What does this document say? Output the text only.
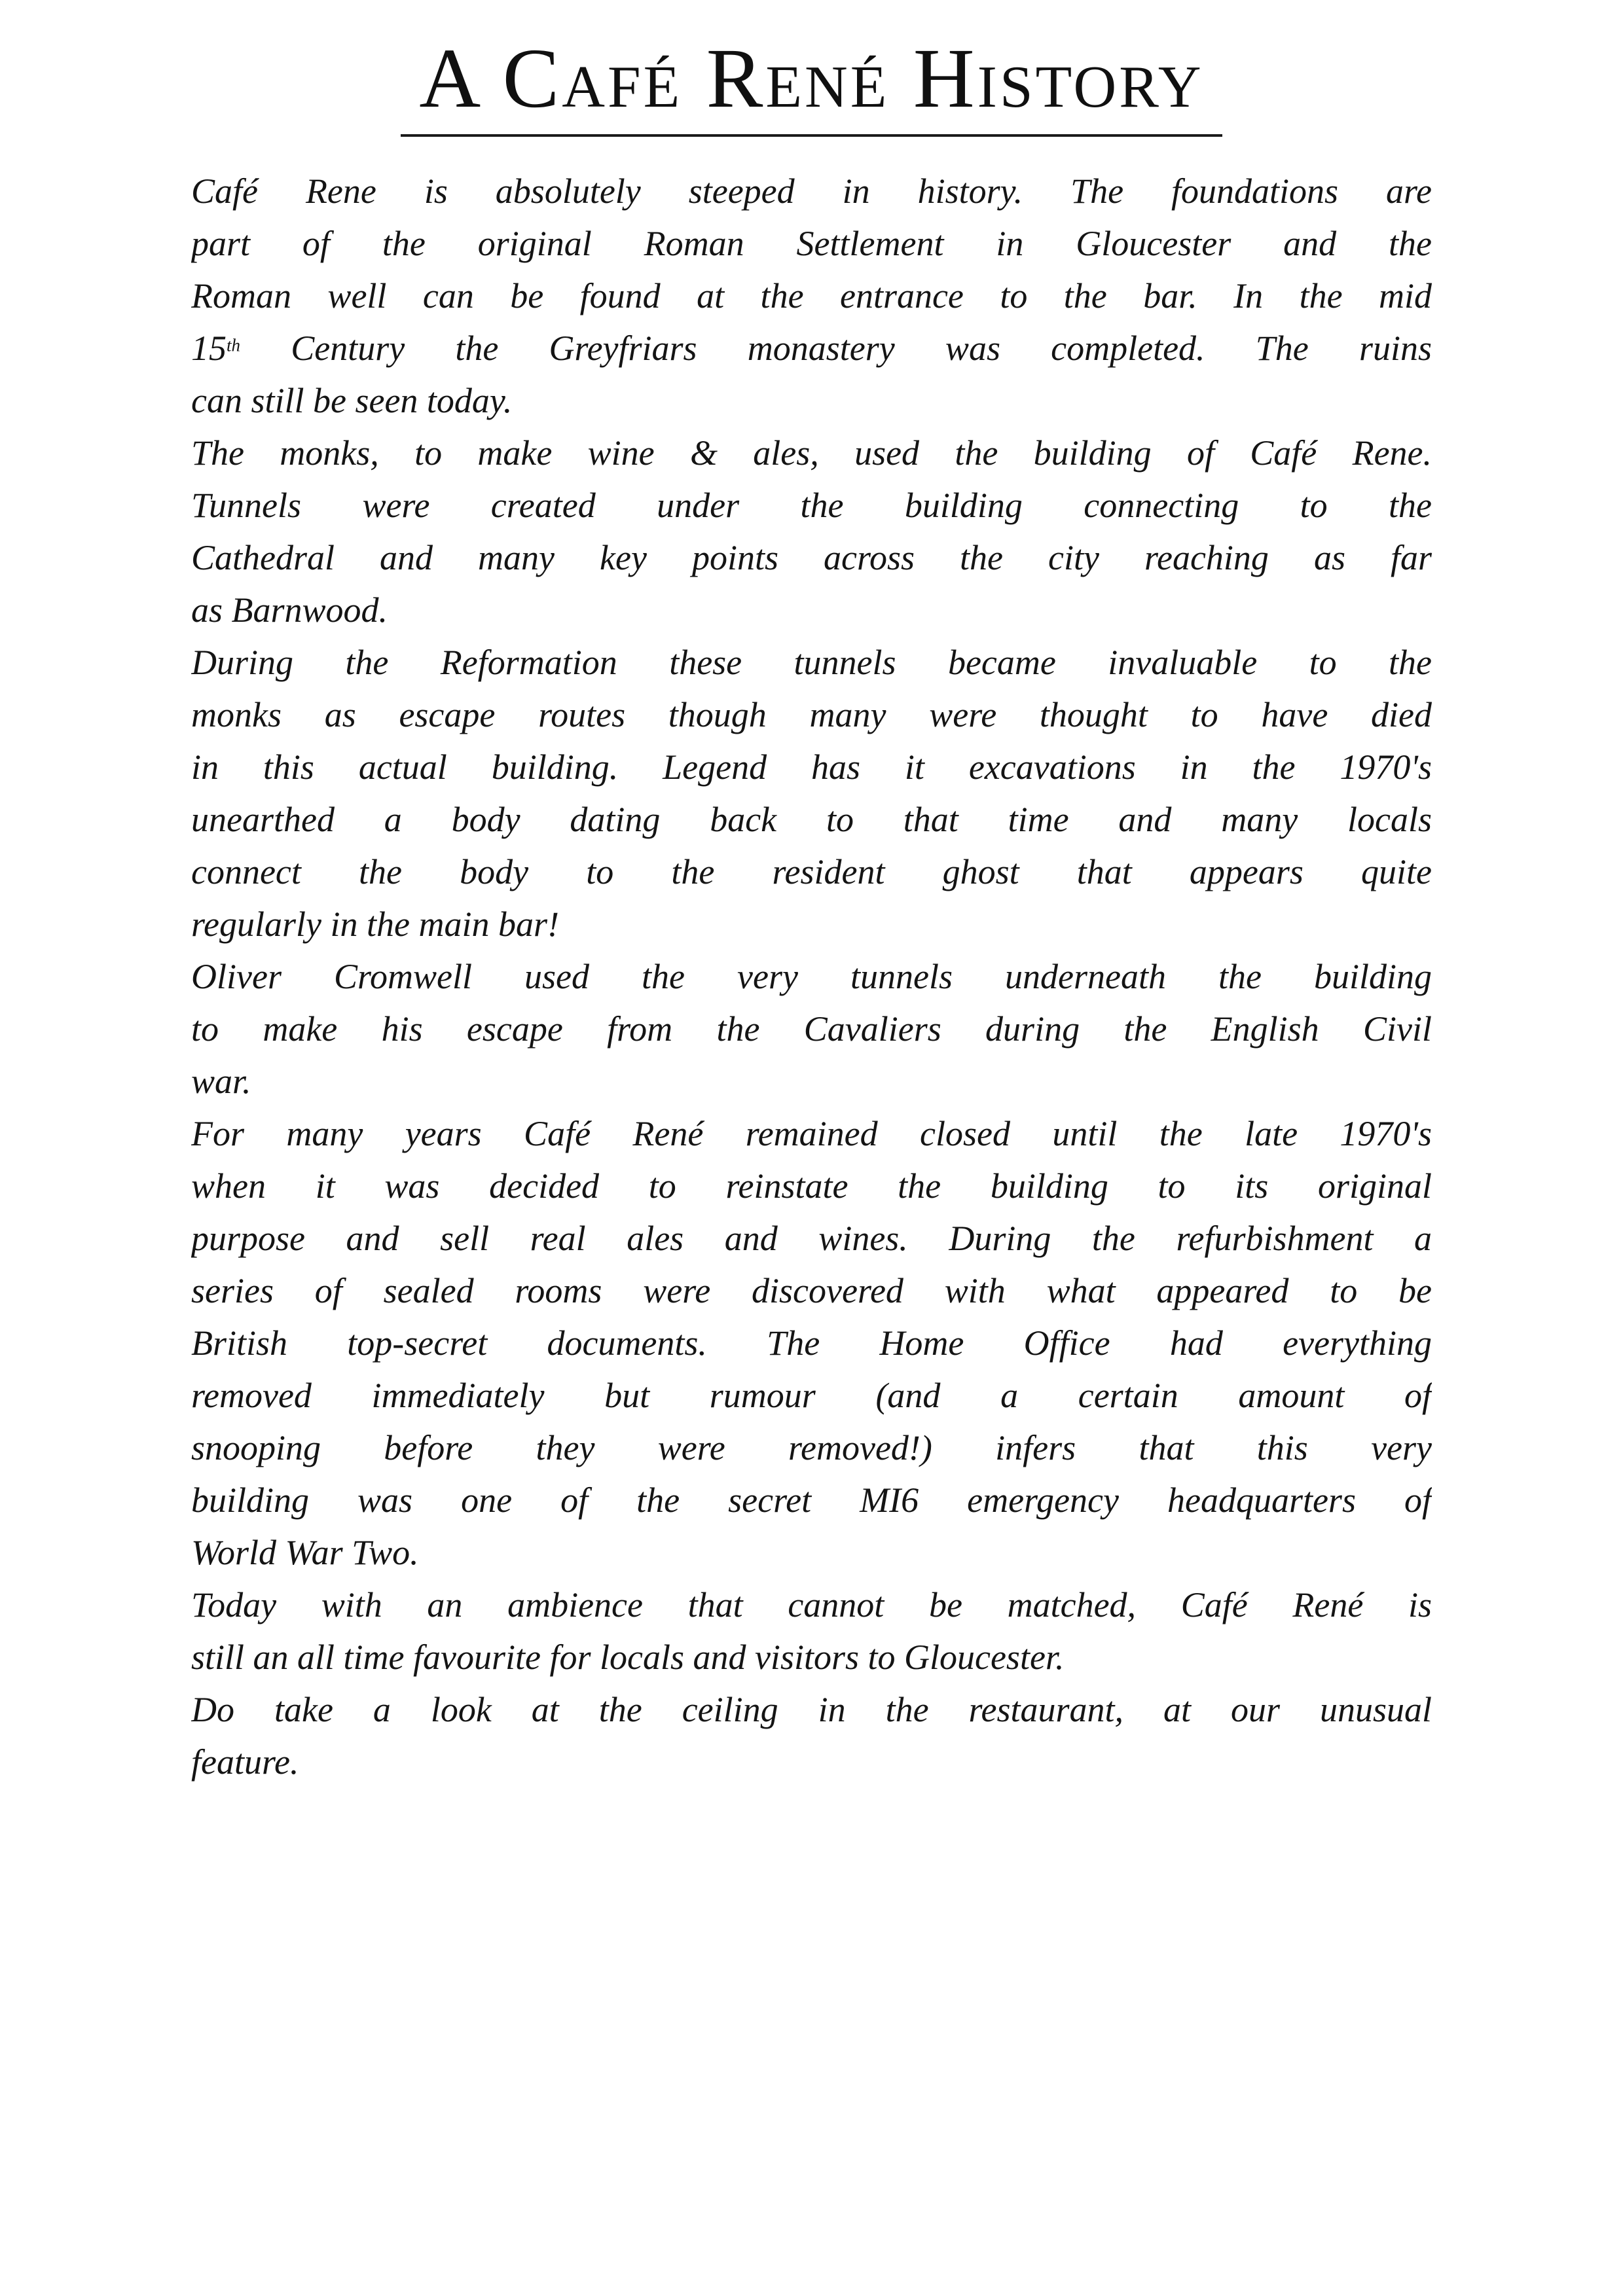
A Café René History
Café Rene is absolutely steeped in history. The foundations are
part of the original Roman Settlement in Gloucester and the
Roman well can be found at the entrance to the bar. In the mid
15th Century the Greyfriars monastery was completed. The ruins
can still be seen today.
The monks, to make wine & ales, used the building of Café Rene.
Tunnels were created under the building connecting to the
Cathedral and many key points across the city reaching as far
as Barnwood.
During the Reformation these tunnels became invaluable to the
monks as escape routes though many were thought to have died
in this actual building. Legend has it excavations in the 1970's
unearthed a body dating back to that time and many locals
connect the body to the resident ghost that appears quite
regularly in the main bar!
Oliver Cromwell used the very tunnels underneath the building
to make his escape from the Cavaliers during the English Civil
war.
For many years Café René remained closed until the late 1970's
when it was decided to reinstate the building to its original
purpose and sell real ales and wines. During the refurbishment a
series of sealed rooms were discovered with what appeared to be
British top-secret documents. The Home Office had everything
removed immediately but rumour (and a certain amount of
snooping before they were removed!) infers that this very
building was one of the secret MI6 emergency headquarters of
World War Two.
Today with an ambience that cannot be matched, Café René is
still an all time favourite for locals and visitors to Gloucester.
Do take a look at the ceiling in the restaurant, at our unusual
feature.
